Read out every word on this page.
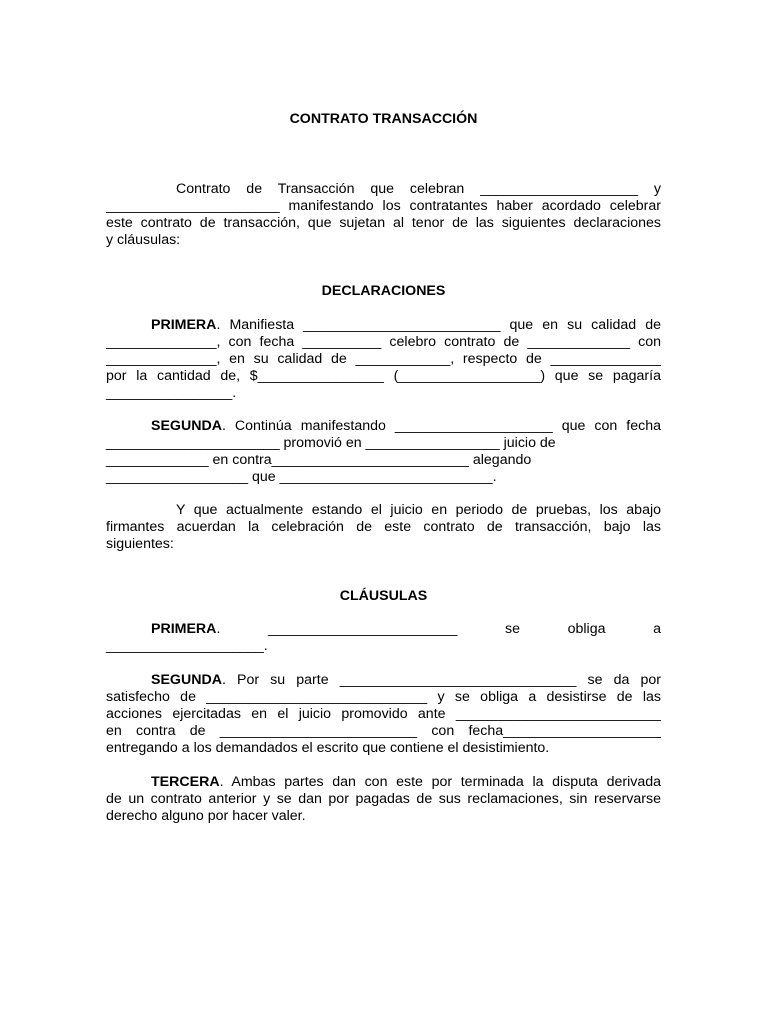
CONTRATO TRANSACCIÓN
Contrato de Transacción que celebran ____________________ y
______________________ manifestando los contratantes haber acordado celebrar
este contrato de transacción, que sujetan al tenor de las siguientes declaraciones
y cláusulas:
DECLARACIONES
PRIMERA. Manifiesta _________________________ que en su calidad de
______________, con fecha __________ celebro contrato de _____________ con
______________, en su calidad de ____________, respecto de ______________
por la cantidad de, $________________ (__________________) que se pagaría
________________.
SEGUNDA. Continúa manifestando ____________________ que con fecha
______________________ promovió en _________________ juicio de
_____________ en contra_________________________ alegando
__________________ que ___________________________.
Y que actualmente estando el juicio en periodo de pruebas, los abajo
firmantes acuerdan la celebración de este contrato de transacción, bajo las
siguientes:
CLÁUSULAS
PRIMERA. ________________________ se obliga a
____________________.
SEGUNDA. Por su parte ______________________________ se da por
satisfecho de ____________________________ y se obliga a desistirse de las
acciones ejercitadas en el juicio promovido ante __________________________
en contra de _________________________ con fecha____________________
entregando a los demandados el escrito que contiene el desistimiento.
TERCERA. Ambas partes dan con este por terminada la disputa derivada
de un contrato anterior y se dan por pagadas de sus reclamaciones, sin reservarse
derecho alguno por hacer valer.
